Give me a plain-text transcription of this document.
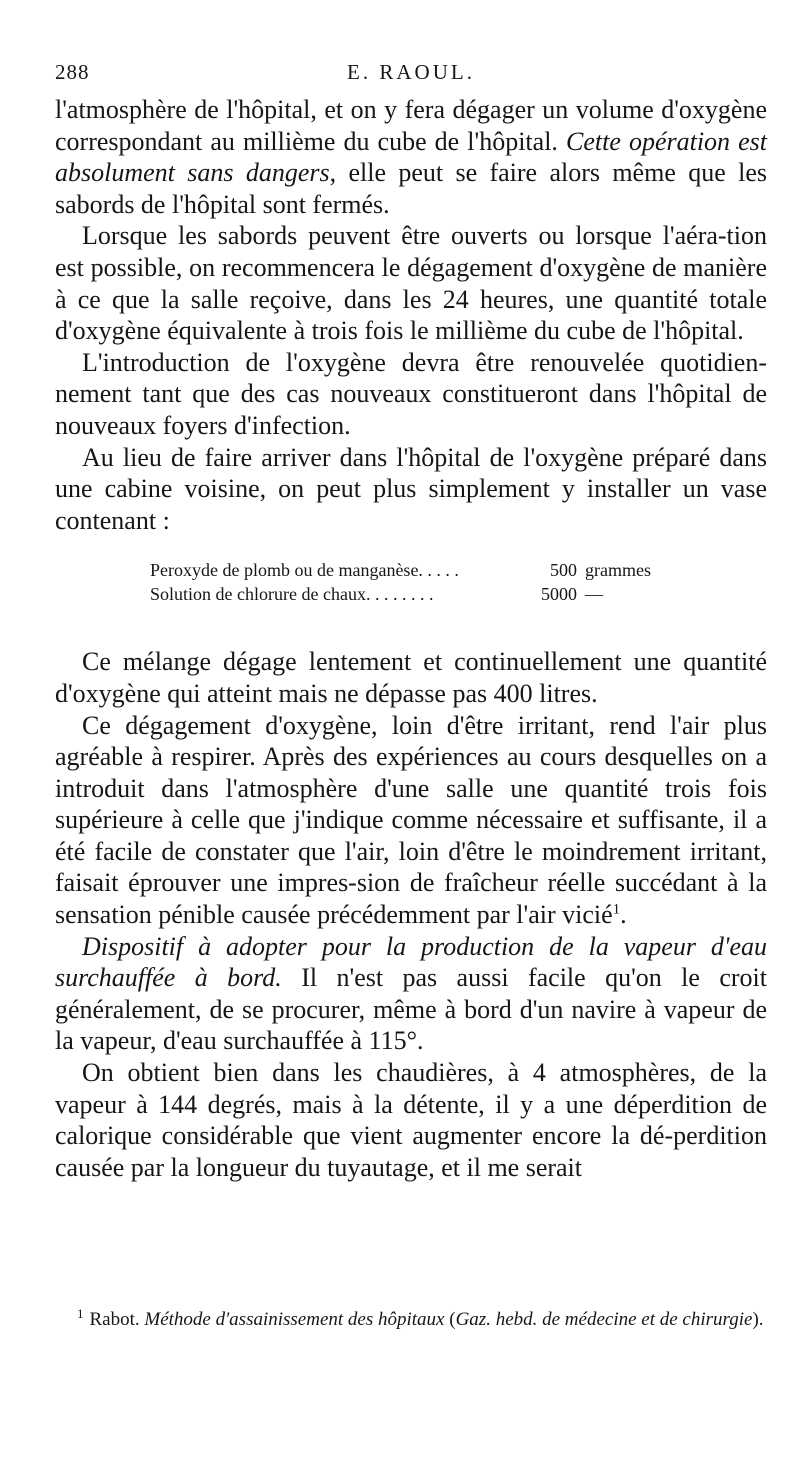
288	E. RAOUL.

l'atmosphère de l'hôpital, et on y fera dégager un volume d'oxygène correspondant au millième du cube de l'hôpital. Cette opération est absolument sans dangers, elle peut se faire alors même que les sabords de l'hôpital sont fermés.

Lorsque les sabords peuvent être ouverts ou lorsque l'aéra-tion est possible, on recommencera le dégagement d'oxygène de manière à ce que la salle reçoive, dans les 24 heures, une quantité totale d'oxygène équivalente à trois fois le millième du cube de l'hôpital.

L'introduction de l'oxygène devra être renouvelée quotidien-nement tant que des cas nouveaux constitueront dans l'hôpital de nouveaux foyers d'infection.

Au lieu de faire arriver dans l'hôpital de l'oxygène préparé dans une cabine voisine, on peut plus simplement y installer un vase contenant :

Peroxyde de plomb ou de manganèse. . . . .	500 grammes
Solution de chlorure de chaux. . . . . . . .	5000 —

Ce mélange dégage lentement et continuellement une quantité d'oxygène qui atteint mais ne dépasse pas 400 litres.

Ce dégagement d'oxygène, loin d'être irritant, rend l'air plus agréable à respirer. Après des expériences au cours desquelles on a introduit dans l'atmosphère d'une salle une quantité trois fois supérieure à celle que j'indique comme nécessaire et suffisante, il a été facile de constater que l'air, loin d'être le moindrement irritant, faisait éprouver une impres-sion de fraîcheur réelle succédant à la sensation pénible causée précédemment par l'air vicié$^1$.

Dispositif à adopter pour la production de la vapeur d'eau surchauffée à bord. Il n'est pas aussi facile qu'on le croit généralement, de se procurer, même à bord d'un navire à vapeur de la vapeur, d'eau surchauffée à 115°.

On obtient bien dans les chaudières, à 4 atmosphères, de la vapeur à 144 degrés, mais à la détente, il y a une déperdition de calorique considérable que vient augmenter encore la dé-perdition causée par la longueur du tuyautage, et il me serait

$^1$ Rabot. Méthode d'assainissement des hôpitaux (Gaz. hebd. de médecine et de chirurgie).
